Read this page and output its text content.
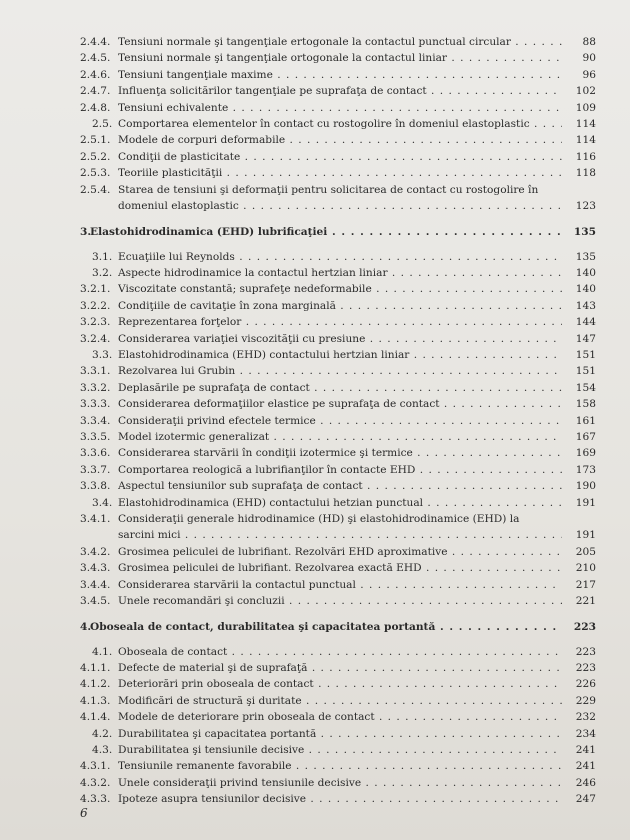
2.4.4. Tensiuni normale şi tangenţiale ertogonale la contactul punctual circular . . .	88
2.4.5. Tensiuni normale şi tangenţiale ortogonale la contactul liniar . . .	90
2.4.6. Tensiuni tangenţiale maxime . . .	96
2.4.7. Influenţa solicitărilor tangenţiale pe suprafaţa de contact . . .	102
2.4.8. Tensiuni echivalente . . .	109
2.5. Comportarea elementelor în contact cu rostogolire în domeniul elastoplastic . . .	114
2.5.1. Modele de corpuri deformabile . . .	114
2.5.2. Condiţii de plasticitate . . .	116
2.5.3. Teoriile plasticităţii . . .	118
2.5.4. Starea de tensiuni şi deformaţii pentru solicitarea de contact cu rostogolire în
domeniul elastoplastic . . .	123
3.
Elastohidrodinamica (EHD) lubrificaţiei . . .	135
3.1. Ecuaţiile lui Reynolds . . .	135
3.2. Aspecte hidrodinamice la contactul hertzian liniar . . .	140
3.2.1. Viscozitate constantă; suprafeţe nedeformabile . . .	140
3.2.2. Condiţiile de cavitaţie în zona marginală . . .	143
3.2.3. Reprezentarea forţelor . . .	144
3.2.4. Considerarea variaţiei viscozităţii cu presiune . . .	147
3.3. Elastohidrodinamica (EHD) contactului hertzian liniar . . .	151
3.3.1. Rezolvarea lui Grubin . . .	151
3.3.2. Deplasările pe suprafaţa de contact . . .	154
3.3.3. Considerarea deformaţiilor elastice pe suprafaţa de contact . . .	158
3.3.4. Consideraţii privind efectele termice . . .	161
3.3.5. Model izotermic generalizat . . .	167
3.3.6. Considerarea starvării în condiţii izotermice şi termice . . .	169
3.3.7. Comportarea reologică a lubrifianţilor în contacte EHD . . .	173
3.3.8. Aspectul tensiunilor sub suprafaţa de contact . . .	190
3.4. Elastohidrodinamica (EHD) contactului hetzian punctual . . .	191
3.4.1. Consideraţii generale hidrodinamice (HD) şi elastohidrodinamice (EHD) la
sarcini mici . . .	191
3.4.2. Grosimea peliculei de lubrifiant. Rezolvări EHD aproximative . . .	205
3.4.3. Grosimea peliculei de lubrifiant. Rezolvarea exactă EHD . . .	210
3.4.4. Considerarea starvării la contactul punctual . . .	217
3.4.5. Unele recomandări şi concluzii . . .	221
4.
Oboseala de contact, durabilitatea şi capacitatea portantă . . .	223
4.1. Oboseala de contact . . .	223
4.1.1. Defecte de material şi de suprafaţă . . .	223
4.1.2. Deteriorări prin oboseala de contact . . .	226
4.1.3. Modificări de structură şi duritate . . .	229
4.1.4. Modele de deteriorare prin oboseala de contact . . .	232
4.2. Durabilitatea şi capacitatea portantă . . .	234
4.3. Durabilitatea şi tensiunile decisive . . .	241
4.3.1. Tensiunile remanente favorabile . . .	241
4.3.2. Unele consideraţii privind tensiunile decisive . . .	246
4.3.3. Ipoteze asupra tensiunilor decisive . . .	247
6
